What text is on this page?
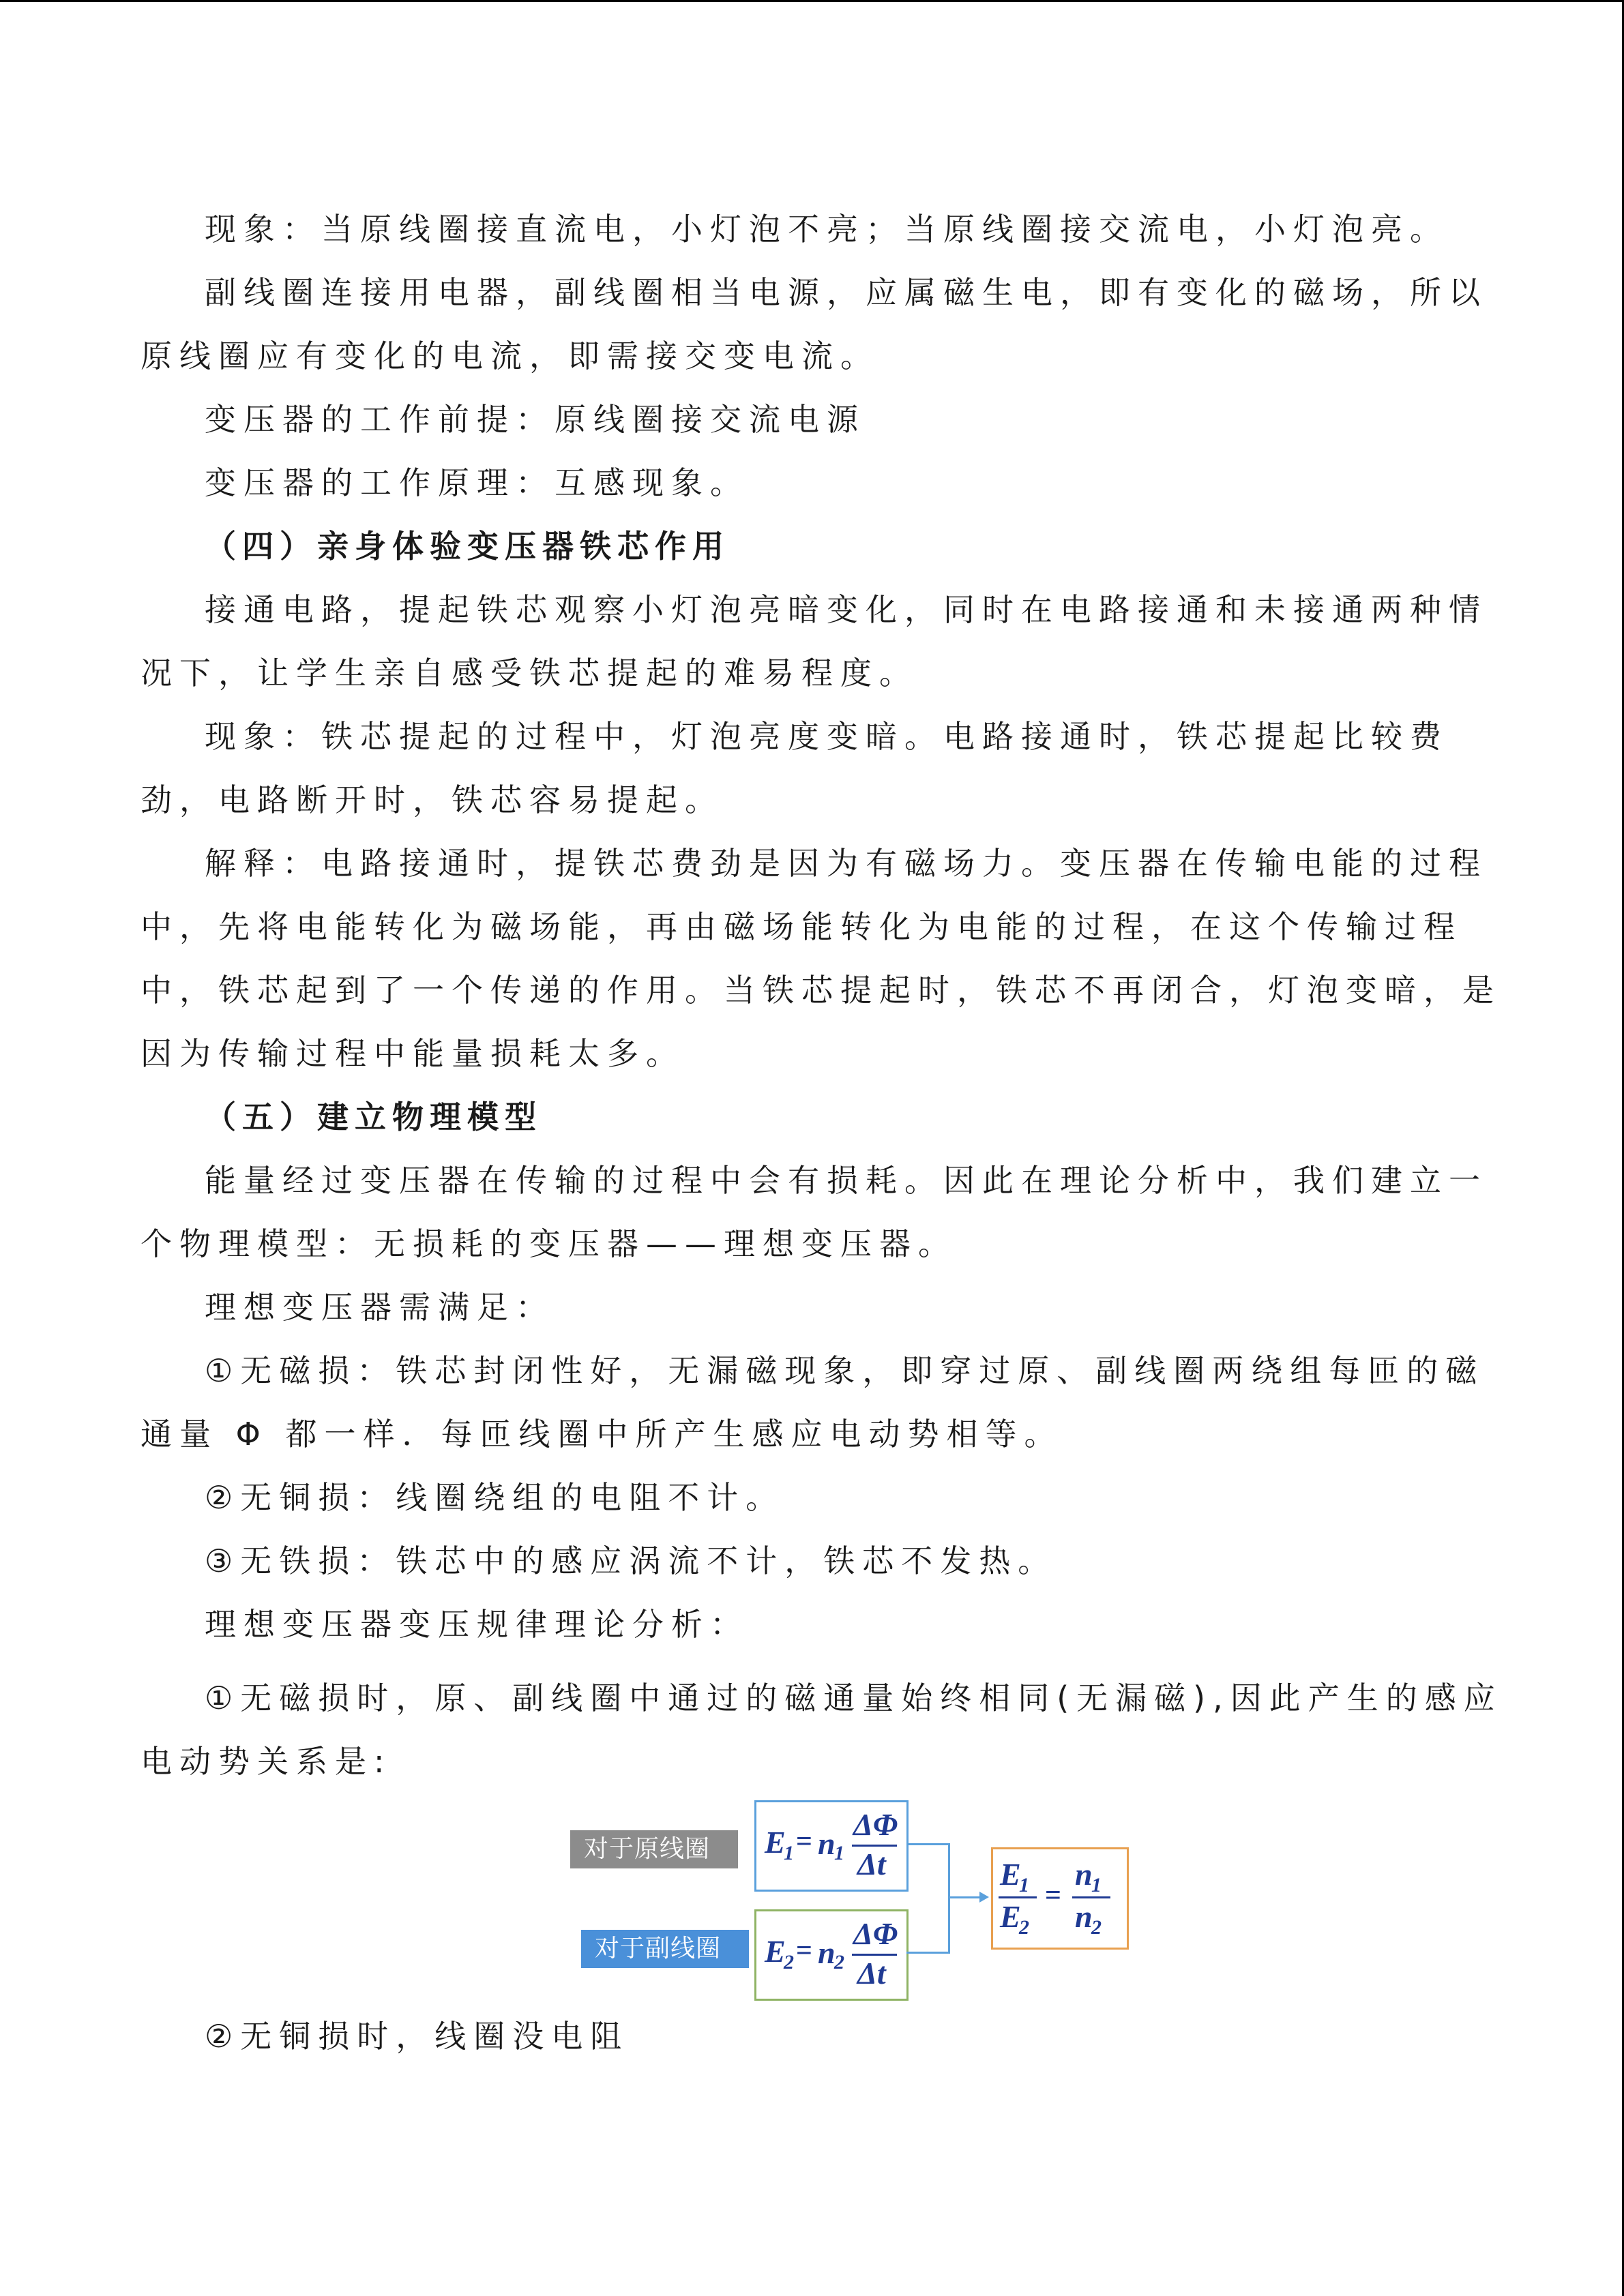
现象：当原线圈接直流电，小灯泡不亮；当原线圈接交流电，小灯泡亮。
副线圈连接用电器，副线圈相当电源，应属磁生电，即有变化的磁场，所以
原线圈应有变化的电流，即需接交变电流。
变压器的工作前提：原线圈接交流电源
变压器的工作原理：互感现象。
（四）亲身体验变压器铁芯作用
接通电路，提起铁芯观察小灯泡亮暗变化，同时在电路接通和未接通两种情
况下，让学生亲自感受铁芯提起的难易程度。
现象：铁芯提起的过程中，灯泡亮度变暗。电路接通时，铁芯提起比较费
劲，电路断开时，铁芯容易提起。
解释：电路接通时，提铁芯费劲是因为有磁场力。变压器在传输电能的过程
中，先将电能转化为磁场能，再由磁场能转化为电能的过程，在这个传输过程
中，铁芯起到了一个传递的作用。当铁芯提起时，铁芯不再闭合，灯泡变暗，是
因为传输过程中能量损耗太多。
（五）建立物理模型
能量经过变压器在传输的过程中会有损耗。因此在理论分析中，我们建立一
个物理模型：无损耗的变压器——理想变压器。
理想变压器需满足：
①无磁损：铁芯封闭性好，无漏磁现象，即穿过原、副线圈两绕组每匝的磁
通量 Φ 都一样．每匝线圈中所产生感应电动势相等。
②无铜损：线圈绕组的电阻不计。
③无铁损：铁芯中的感应涡流不计，铁芯不发热。
理想变压器变压规律理论分析：
①无磁损时，原、副线圈中通过的磁通量始终相同(无漏磁),因此产生的感应
电动势关系是:
②无铜损时，线圈没电阻
对于原线圈
对于副线圈
E
1 = n
1
ΔΦ
Δt
E
2 = n
2
ΔΦ
Δt
E
1
E
2
=
n
1
n
2
